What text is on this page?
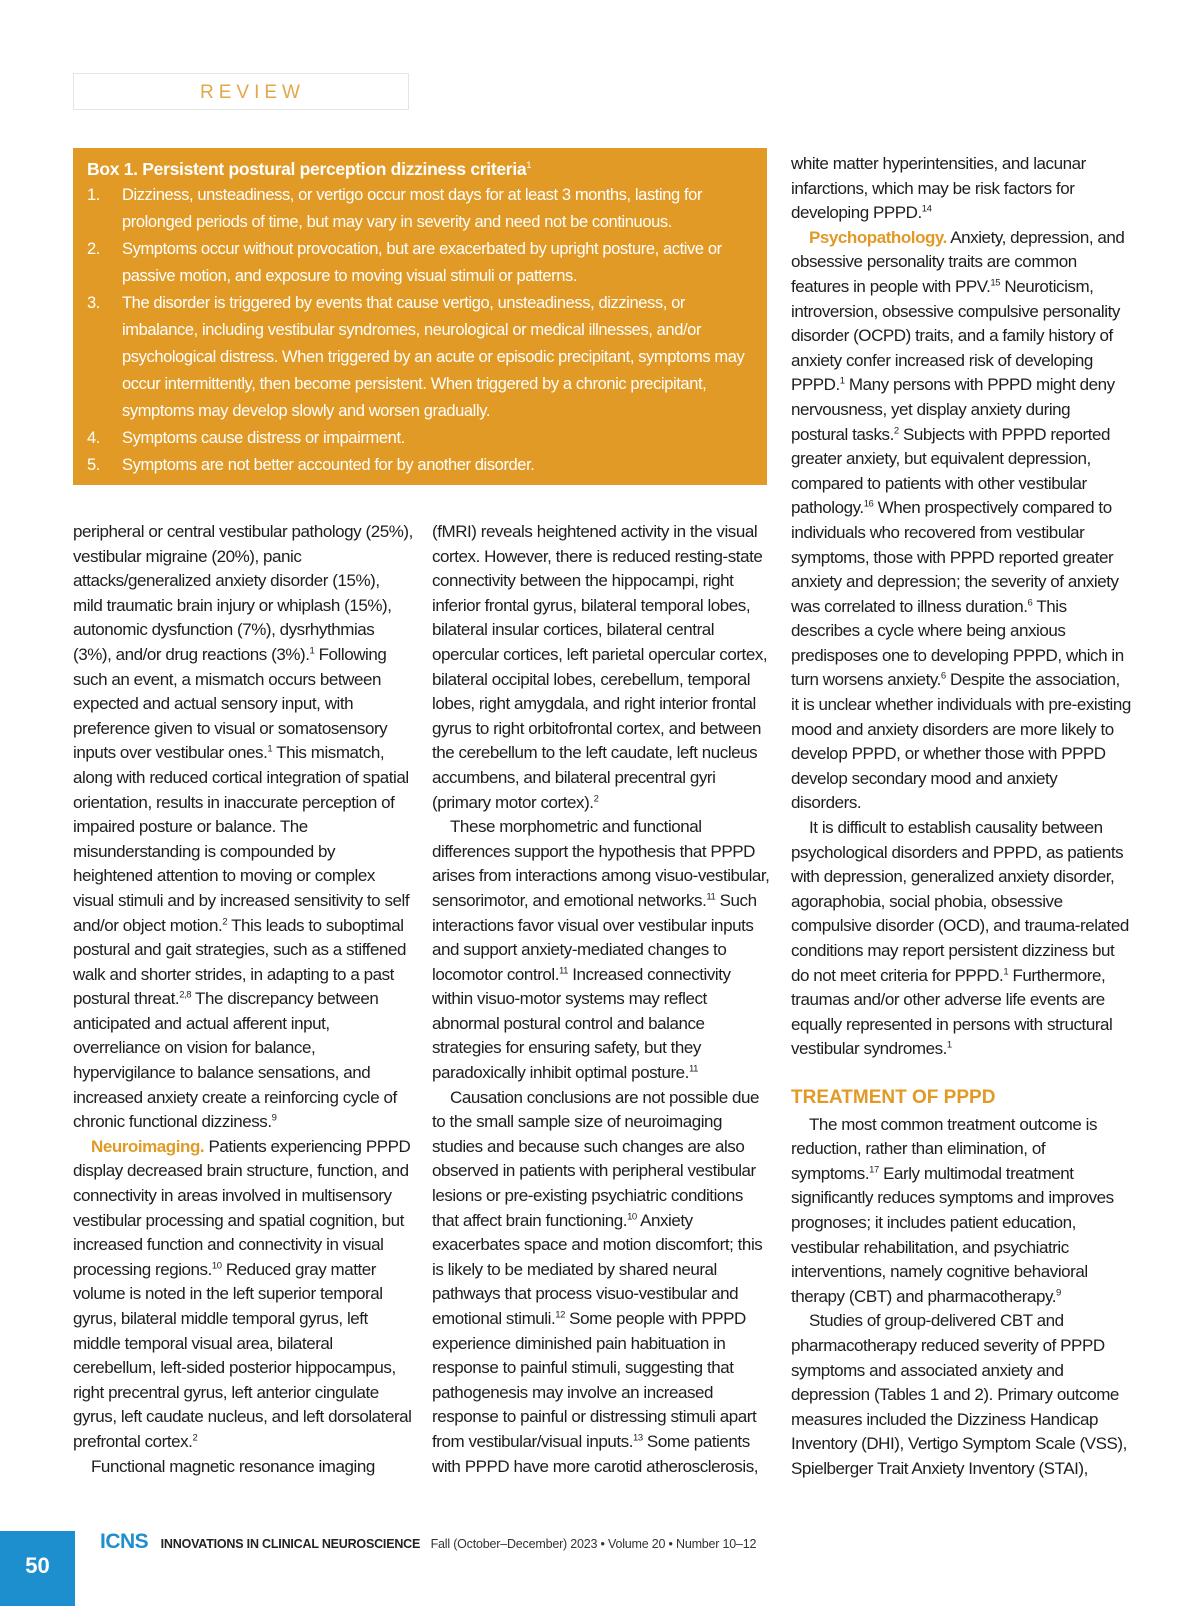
REVIEW
Box 1. Persistent postural perception dizziness criteria$^1$
1. Dizziness, unsteadiness, or vertigo occur most days for at least 3 months, lasting for prolonged periods of time, but may vary in severity and need not be continuous.
2. Symptoms occur without provocation, but are exacerbated by upright posture, active or passive motion, and exposure to moving visual stimuli or patterns.
3. The disorder is triggered by events that cause vertigo, unsteadiness, dizziness, or imbalance, including vestibular syndromes, neurological or medical illnesses, and/or psychological distress. When triggered by an acute or episodic precipitant, symptoms may occur intermittently, then become persistent. When triggered by a chronic precipitant, symptoms may develop slowly and worsen gradually.
4. Symptoms cause distress or impairment.
5. Symptoms are not better accounted for by another disorder.

peripheral or central vestibular pathology (25%), vestibular migraine (20%), panic attacks/generalized anxiety disorder (15%), mild traumatic brain injury or whiplash (15%), autonomic dysfunction (7%), dysrhythmias (3%), and/or drug reactions (3%).$^1$ Following such an event, a mismatch occurs between expected and actual sensory input, with preference given to visual or somatosensory inputs over vestibular ones.$^1$ This mismatch, along with reduced cortical integration of spatial orientation, results in inaccurate perception of impaired posture or balance. The misunderstanding is compounded by heightened attention to moving or complex visual stimuli and by increased sensitivity to self and/or object motion.$^2$ This leads to suboptimal postural and gait strategies, such as a stiffened walk and shorter strides, in adapting to a past postural threat.$^{2,8}$ The discrepancy between anticipated and actual afferent input, overreliance on vision for balance, hypervigilance to balance sensations, and increased anxiety create a reinforcing cycle of chronic functional dizziness.$^9$

Neuroimaging. Patients experiencing PPPD display decreased brain structure, function, and connectivity in areas involved in multisensory vestibular processing and spatial cognition, but increased function and connectivity in visual processing regions.$^{10}$ Reduced gray matter volume is noted in the left superior temporal gyrus, bilateral middle temporal gyrus, left middle temporal visual area, bilateral cerebellum, left-sided posterior hippocampus, right precentral gyrus, left anterior cingulate gyrus, left caudate nucleus, and left dorsolateral prefrontal cortex.$^2$

Functional magnetic resonance imaging

(fMRI) reveals heightened activity in the visual cortex. However, there is reduced resting-state connectivity between the hippocampi, right inferior frontal gyrus, bilateral temporal lobes, bilateral insular cortices, bilateral central opercular cortices, left parietal opercular cortex, bilateral occipital lobes, cerebellum, temporal lobes, right amygdala, and right interior frontal gyrus to right orbitofrontal cortex, and between the cerebellum to the left caudate, left nucleus accumbens, and bilateral precentral gyri (primary motor cortex).$^2$

These morphometric and functional differences support the hypothesis that PPPD arises from interactions among visuo-vestibular, sensorimotor, and emotional networks.$^{11}$ Such interactions favor visual over vestibular inputs and support anxiety-mediated changes to locomotor control.$^{11}$ Increased connectivity within visuo-motor systems may reflect abnormal postural control and balance strategies for ensuring safety, but they paradoxically inhibit optimal posture.$^{11}$

Causation conclusions are not possible due to the small sample size of neuroimaging studies and because such changes are also observed in patients with peripheral vestibular lesions or pre-existing psychiatric conditions that affect brain functioning.$^{10}$ Anxiety exacerbates space and motion discomfort; this is likely to be mediated by shared neural pathways that process visuo-vestibular and emotional stimuli.$^{12}$ Some people with PPPD experience diminished pain habituation in response to painful stimuli, suggesting that pathogenesis may involve an increased response to painful or distressing stimuli apart from vestibular/visual inputs.$^{13}$ Some patients with PPPD have more carotid atherosclerosis,

white matter hyperintensities, and lacunar infarctions, which may be risk factors for developing PPPD.$^{14}$

Psychopathology. Anxiety, depression, and obsessive personality traits are common features in people with PPV.$^{15}$ Neuroticism, introversion, obsessive compulsive personality disorder (OCPD) traits, and a family history of anxiety confer increased risk of developing PPPD.$^1$ Many persons with PPPD might deny nervousness, yet display anxiety during postural tasks.$^2$ Subjects with PPPD reported greater anxiety, but equivalent depression, compared to patients with other vestibular pathology.$^{16}$ When prospectively compared to individuals who recovered from vestibular symptoms, those with PPPD reported greater anxiety and depression; the severity of anxiety was correlated to illness duration.$^6$ This describes a cycle where being anxious predisposes one to developing PPPD, which in turn worsens anxiety.$^6$ Despite the association, it is unclear whether individuals with pre-existing mood and anxiety disorders are more likely to develop PPPD, or whether those with PPPD develop secondary mood and anxiety disorders.

It is difficult to establish causality between psychological disorders and PPPD, as patients with depression, generalized anxiety disorder, agoraphobia, social phobia, obsessive compulsive disorder (OCD), and trauma-related conditions may report persistent dizziness but do not meet criteria for PPPD.$^1$ Furthermore, traumas and/or other adverse life events are equally represented in persons with structural vestibular syndromes.$^1$

TREATMENT OF PPPD

The most common treatment outcome is reduction, rather than elimination, of symptoms.$^{17}$ Early multimodal treatment significantly reduces symptoms and improves prognoses; it includes patient education, vestibular rehabilitation, and psychiatric interventions, namely cognitive behavioral therapy (CBT) and pharmacotherapy.$^9$

Studies of group-delivered CBT and pharmacotherapy reduced severity of PPPD symptoms and associated anxiety and depression (Tables 1 and 2). Primary outcome measures included the Dizziness Handicap Inventory (DHI), Vertigo Symptom Scale (VSS), Spielberger Trait Anxiety Inventory (STAI),

50
ICNS INNOVATIONS IN CLINICAL NEUROSCIENCE Fall (October–December) 2023 • Volume 20 • Number 10–12
